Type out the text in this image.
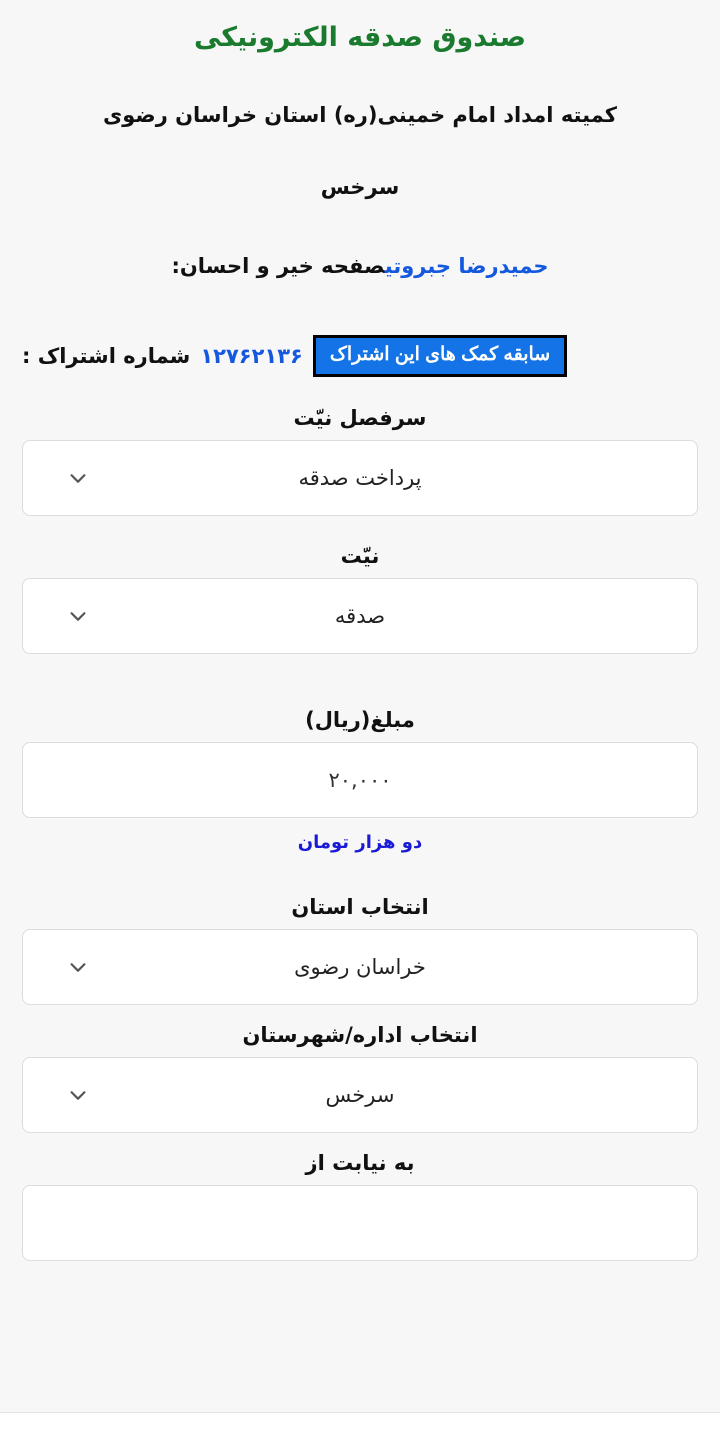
صندوق صدقه الکترونیکی
کمیته امداد امام خمینی(ره) استان خراسان رضوی
سرخس
حمیدرضا جبروتیصفحه خیر و احسان:
شماره اشتراک : ۱۲۷۶۲۱۳۶	سابقه کمک های این اشتراک
سرفصل نیّت
پرداخت صدقه
نیّت
صدقه
مبلغ(ریال)
۲۰,۰۰۰
دو هزار تومان
انتخاب استان
خراسان رضوی
انتخاب اداره/شهرستان
سرخس
به نیابت از
